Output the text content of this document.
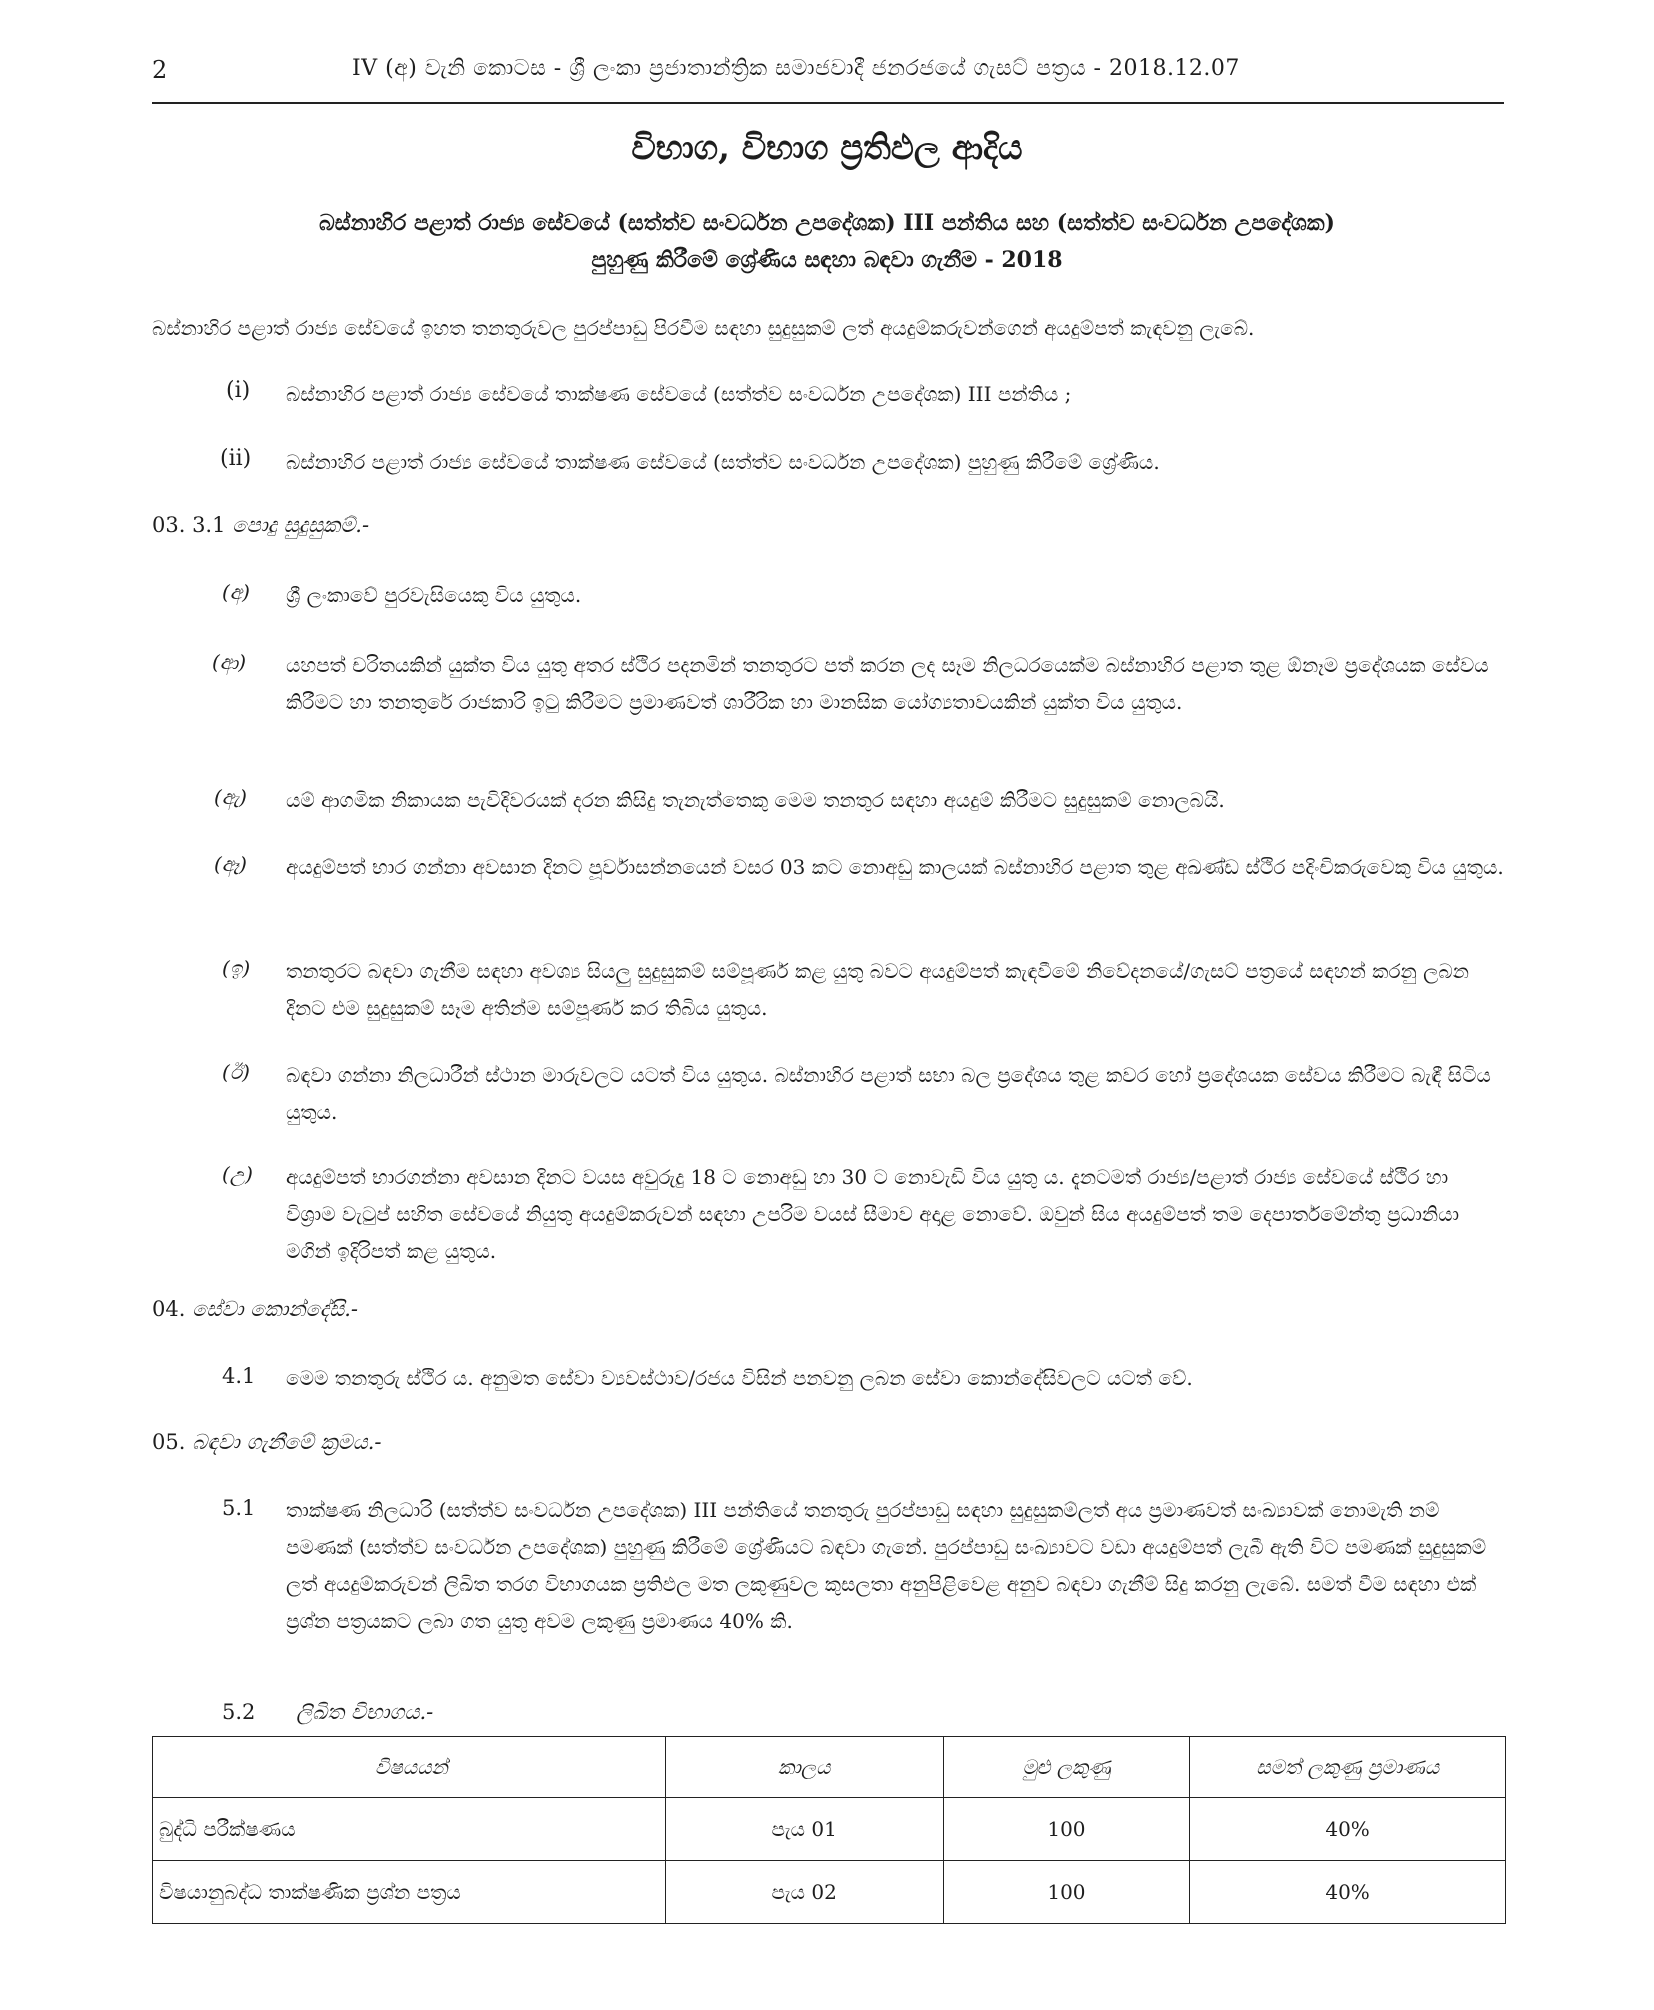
2	IV (අ) වැනි කොටස - ශ්‍රී ලංකා ප්‍රජාතාන්ත්‍රික සමාජවාදී ජනරජයේ ගැසට් පත්‍රය - 2018.12.07
විභාග, විභාග ප්‍රතිඵල ආදිය
බස්නාහිර පළාත් රාජ්‍ය සේවයේ (සත්ත්ව සංවර්ධන උපදේශක) III පන්තිය සහ (සත්ත්ව සංවර්ධන උපදේශක)
පුහුණු කිරීමේ ශ්‍රේණිය සඳහා බඳවා ගැනීම - 2018
බස්නාහිර පළාත් රාජ්‍ය සේවයේ ඉහත තනතුරුවල පුරප්පාඩු පිරවීම සඳහා සුදුසුකම් ලත් අයදුම්කරුවන්ගෙන් අයදුම්පත් කැඳවනු ලැබේ.
(i) බස්නාහිර පළාත් රාජ්‍ය සේවයේ තාක්ෂණ සේවයේ (සත්ත්ව සංවර්ධන උපදේශක) III පන්තිය ;
(ii) බස්නාහිර පළාත් රාජ්‍ය සේවයේ තාක්ෂණ සේවයේ (සත්ත්ව සංවර්ධන උපදේශක) පුහුණු කිරීමේ ශ්‍රේණිය.
03. 3.1 පොදු සුදුසුකම්.-
(අ) ශ්‍රී ලංකාවේ පුරවැසියෙකු විය යුතුය.
(ආ) යහපත් චරිතයකින් යුක්ත විය යුතු අතර ස්ථිර පදනමින් තනතුරට පත් කරන ලද සෑම නිලධරයෙක්ම බස්නාහිර පළාත තුළ ඕනෑම ප්‍රදේශයක සේවය කිරීමට හා තනතුරේ රාජකාරි ඉටු කිරීමට ප්‍රමාණවත් ශාරීරික හා මානසික යෝග්‍යතාවයකින් යුක්ත විය යුතුය.
(ඇ) යම් ආගමික නිකායක පැවිදිවරයක් දරන කිසිදු තැනැත්තෙකු මෙම තනතුර සඳහා අයදුම් කිරීමට සුදුසුකම් නොලබයි.
(ඈ) අයදුම්පත් භාර ගන්නා අවසාන දිනට පූර්වාසන්නයෙන් වසර 03 කට නොඅඩු කාලයක් බස්නාහිර පළාත තුළ අඛණ්ඩ ස්ථිර පදිංචිකරුවෙකු විය යුතුය.
(ඉ) තනතුරට බඳවා ගැනීම සඳහා අවශ්‍ය සියලු සුදුසුකම් සම්පූර්ණ කළ යුතු බවට අයදුම්පත් කැඳවීමේ නිවේදනයේ/ගැසට් පත්‍රයේ සඳහන් කරනු ලබන දිනට එම සුදුසුකම් සෑම අතින්ම සම්පූර්ණ කර තිබිය යුතුය.
(ඊ) බඳවා ගන්නා නිලධාරීන් ස්ථාන මාරුවලට යටත් විය යුතුය. බස්නාහිර පළාත් සභා බල ප්‍රදේශය තුළ කවර හෝ ප්‍රදේශයක සේවය කිරීමට බැඳී සිටිය යුතුය.
(උ) අයදුම්පත් භාරගන්නා අවසාන දිනට වයස අවුරුදු 18 ට නොඅඩු හා 30 ට නොවැඩි විය යුතු ය. දැනටමත් රාජ්‍ය/පළාත් රාජ්‍ය සේවයේ ස්ථිර හා විශ්‍රාම වැටුප් සහිත සේවයේ නියුතු අයදුම්කරුවන් සඳහා උපරිම වයස් සීමාව අදාළ නොවේ. ඔවුන් සිය අයදුම්පත් තම දෙපාර්තමේන්තු ප්‍රධානියා මගින් ඉදිරිපත් කළ යුතුය.
04. සේවා කොන්දේසි.-
4.1 මෙම තනතුරු ස්ථිර ය. අනුමත සේවා ව්‍යවස්ථාව/රජය විසින් පනවනු ලබන සේවා කොන්දේසිවලට යටත් වේ.
05. බඳවා ගැනීමේ ක්‍රමය.-
5.1 තාක්ෂණ නිලධාරි (සත්ත්ව සංවර්ධන උපදේශක) III පන්තියේ තනතුරු පුරප්පාඩු සඳහා සුදුසුකම්ලත් අය ප්‍රමාණවත් සංඛ්‍යාවක් නොමැති නම් පමණක් (සත්ත්ව සංවර්ධන උපදේශක) පුහුණු කිරීමේ ශ්‍රේණියට බඳවා ගැනේ. පුරප්පාඩු සංඛ්‍යාවට වඩා අයදුම්පත් ලැබී ඇති විට පමණක් සුදුසුකම් ලත් අයදුම්කරුවන් ලිඛිත තරග විභාගයක ප්‍රතිඵල මත ලකුණුවල කුසලතා අනුපිළිවෙළ අනුව බඳවා ගැනීම් සිදු කරනු ලැබේ. සමත් වීම සඳහා එක් ප්‍රශ්න පත්‍රයකට ලබා ගත යුතු අවම ලකුණු ප්‍රමාණය 40% කි.
5.2 ලිඛිත විභාගය.-
විෂයයන්	කාලය	මුළු ලකුණු	සමත් ලකුණු ප්‍රමාණය
බුද්ධි පරීක්ෂණය	පැය 01	100	40%
විෂයානුබද්ධ තාක්ෂණික ප්‍රශ්න පත්‍රය	පැය 02	100	40%
